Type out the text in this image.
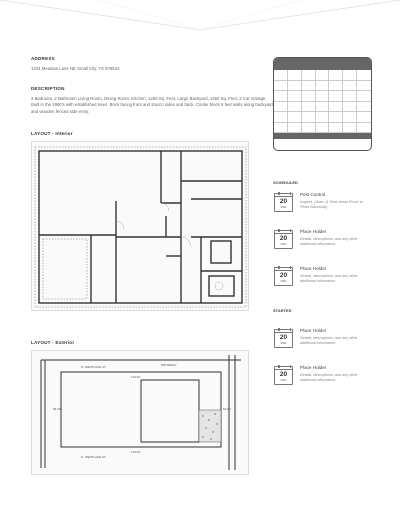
ADDRESS
1234 Meadow Lane NE Small City, YZ 876543
DESCRIPTION
3 Bedroom, 2 Bathroom Living Room, Dining Room, Kitchen, 1250 Sq. Feet, Large Backyard, 1250 Sq. Feet, 2 Car Garage. Built in the 1960's with established trees. Brick facing front and stucco sides and back. Cinder block 6 feet walls along backyard and wooden fenced side entry.
LAYOUT - Interior
LAYOUT - Exterior
N. WESTLAKE ST.	DRIVEWAY
N. WESTLAKE ST.
119.00'
119.00'
89.20'	60.00'
SCHEDULED
20
MAR
Pest Control
Inspect, Clean, & Treat Areas Prone to Pests Biannually.
20
MAR
Place Holder
Details, descriptions, and any other additional information.
20
MAR
Place Holder
Details, descriptions, and any other additional information.
STARTED
20
MAR
Place Holder
Details, descriptions, and any other additional information.
20
MAR
Place Holder
Details, descriptions, and any other additional information.
